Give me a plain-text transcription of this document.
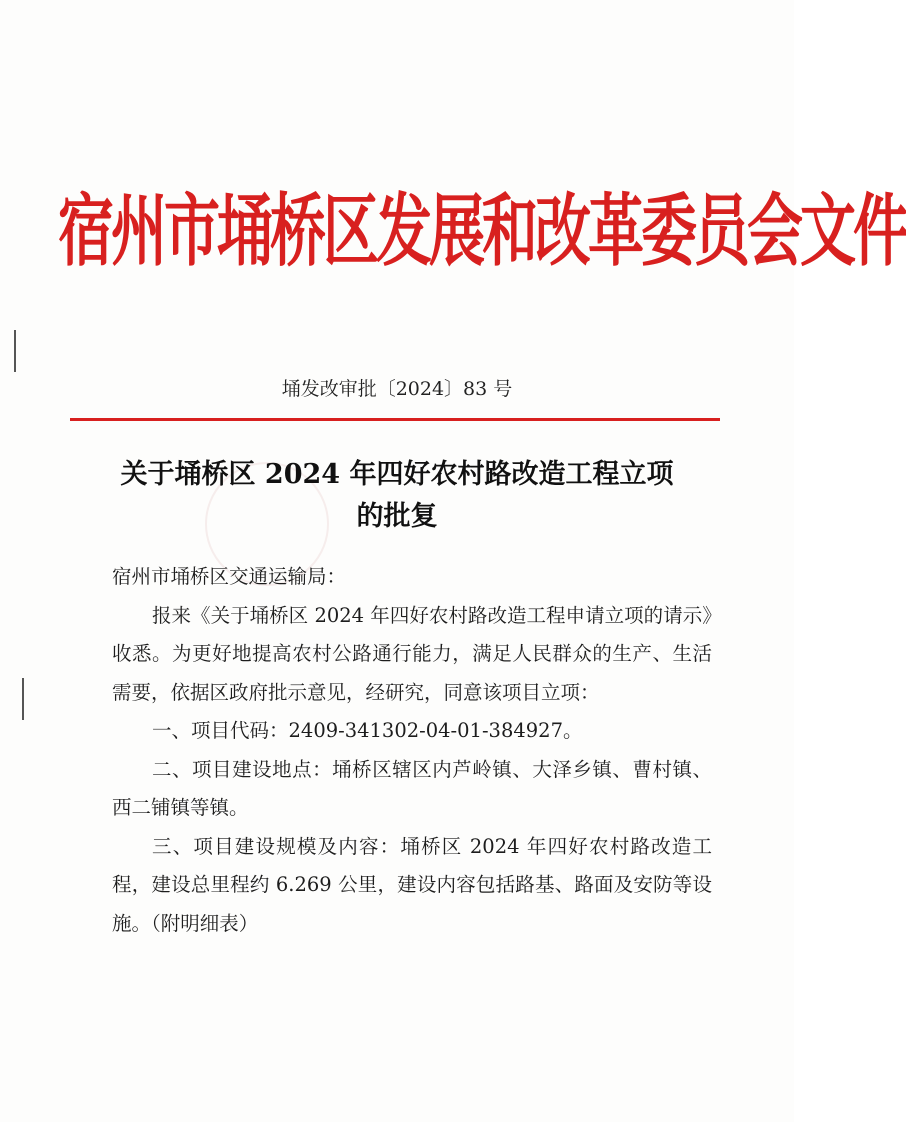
宿州市埇桥区发展和改革委员会文件
埇发改审批〔2024〕83 号
关于埇桥区 2024 年四好农村路改造工程立项
的批复

宿州市埇桥区交通运输局：

报来《关于埇桥区 2024 年四好农村路改造工程申请立项的请示》收悉。为更好地提高农村公路通行能力，满足人民群众的生产、生活需要，依据区政府批示意见，经研究，同意该项目立项：

一、项目代码：2409-341302-04-01-384927。

二、项目建设地点：埇桥区辖区内芦岭镇、大泽乡镇、曹村镇、西二铺镇等镇。

三、项目建设规模及内容：埇桥区 2024 年四好农村路改造工程，建设总里程约 6.269 公里，建设内容包括路基、路面及安防等设施。（附明细表）
